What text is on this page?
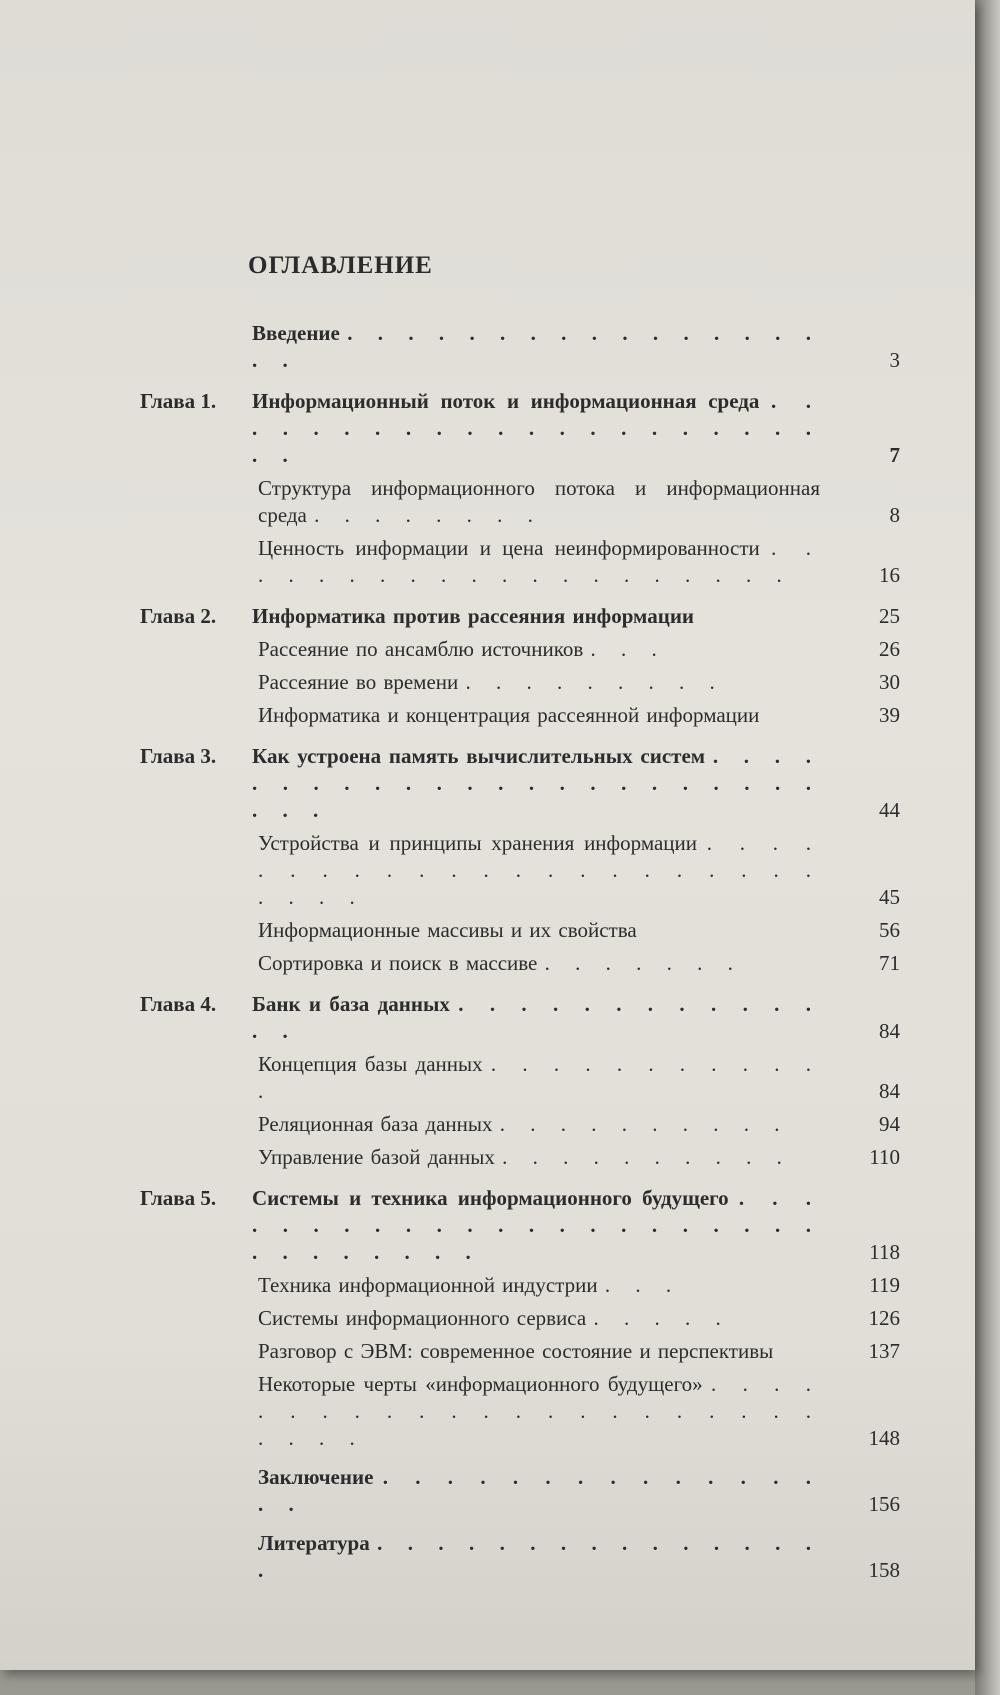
ОГЛАВЛЕНИЕ
Введение . . . . . . . . . . . . . . . . . .	3
Глава 1.	Информационный поток и информационная среда . . . . . . . . . . . . . . . . . . . . . . .	7
Структура информационного потока и информационная среда . . . . . . . .	8
Ценность информации и цена неинформированности . . . . . . . . . . . . . . . . . . . .	16
Глава 2.	Информатика против рассеяния информации	25
Рассеяние по ансамблю источников . . .	26
Рассеяние во времени . . . . . . . . .	30
Информатика и концентрация рассеянной информации	39
Глава 3.	Как устроена память вычислительных систем . . . . . . . . . . . . . . . . . . . . . . . . . .	44
Устройства и принципы хранения информации . . . . . . . . . . . . . . . . . . . . . . . . . .	45
Информационные массивы и их свойства	56
Сортировка и поиск в массиве . . . . . . .	71
Глава 4.	Банк и база данных . . . . . . . . . . . . . .	84
Концепция базы данных . . . . . . . . . . . .	84
Реляционная база данных . . . . . . . . . .	94
Управление базой данных . . . . . . . . . .	110
Глава 5.	Системы и техника информационного будущего . . . . . . . . . . . . . . . . . . . . . . . . . . . . . .	118
Техника информационной индустрии . . .	119
Системы информационного сервиса . . . . .	126
Разговор с ЭВМ: современное состояние и перспективы	137
Некоторые черты «информационного будущего» . . . . . . . . . . . . . . . . . . . . . . . . . .	148
Заключение . . . . . . . . . . . . . . . .	156
Литература . . . . . . . . . . . . . . . .	158
